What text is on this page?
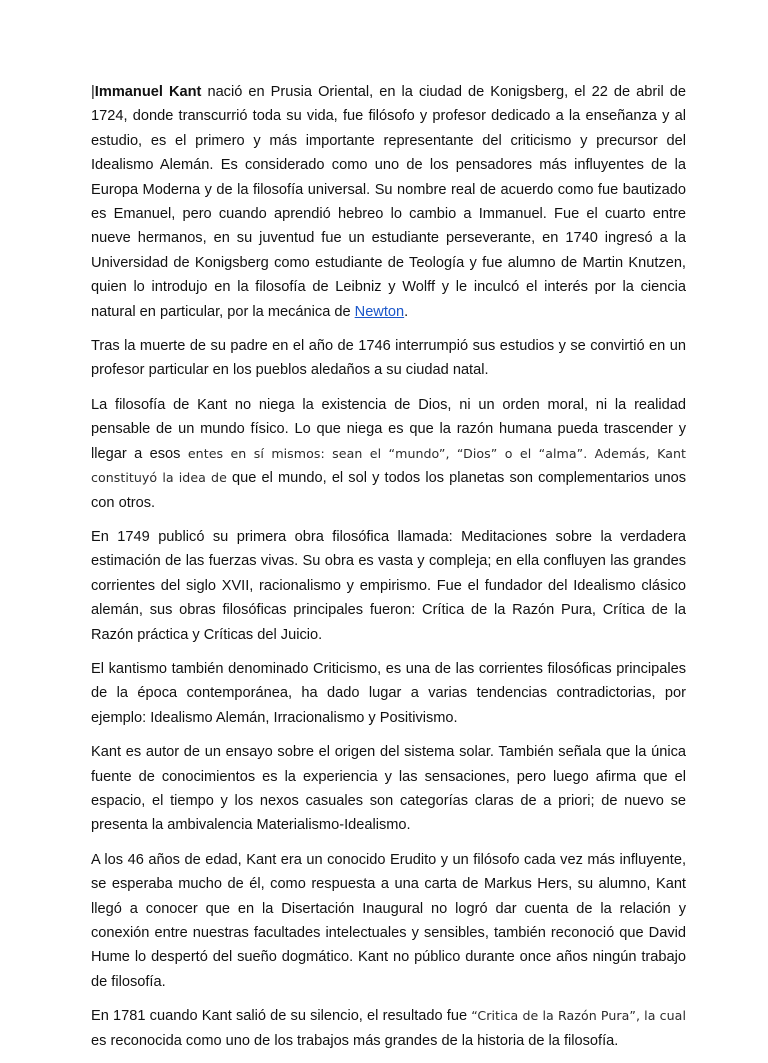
|Immanuel Kant nació en Prusia Oriental, en la ciudad de Konigsberg, el 22 de abril de 1724, donde transcurrió toda su vida, fue filósofo y profesor dedicado a la enseñanza y al estudio, es el primero y más importante representante del criticismo y precursor del Idealismo Alemán. Es considerado como uno de los pensadores más influyentes de la Europa Moderna y de la filosofía universal. Su nombre real de acuerdo como fue bautizado es Emanuel, pero cuando aprendió hebreo lo cambio a Immanuel. Fue el cuarto entre nueve hermanos, en su juventud fue un estudiante perseverante, en 1740 ingresó a la Universidad de Konigsberg como estudiante de Teología y fue alumno de Martin Knutzen, quien lo introdujo en la filosofía de Leibniz y Wolff y le inculcó el interés por la ciencia natural en particular, por la mecánica de Newton.

Tras la muerte de su padre en el año de 1746 interrumpió sus estudios y se convirtió en un profesor particular en los pueblos aledaños a su ciudad natal.

La filosofía de Kant no niega la existencia de Dios, ni un orden moral, ni la realidad pensable de un mundo físico. Lo que niega es que la razón humana pueda trascender y llegar a esos entes en sí mismos: sean el “mundo”, “Dios” o el “alma”. Además, Kant constituyó la idea de que el mundo, el sol y todos los planetas son complementarios unos con otros.

En 1749 publicó su primera obra filosófica llamada: Meditaciones sobre la verdadera estimación de las fuerzas vivas. Su obra es vasta y compleja; en ella confluyen las grandes corrientes del siglo XVII, racionalismo y empirismo. Fue el fundador del Idealismo clásico alemán, sus obras filosóficas principales fueron: Crítica de la Razón Pura, Crítica de la Razón práctica y Críticas del Juicio.

El kantismo también denominado Criticismo, es una de las corrientes filosóficas principales de la época contemporánea, ha dado lugar a varias tendencias contradictorias, por ejemplo: Idealismo Alemán, Irracionalismo y Positivismo.

Kant es autor de un ensayo sobre el origen del sistema solar. También señala que la única fuente de conocimientos es la experiencia y las sensaciones, pero luego afirma que el espacio, el tiempo y los nexos casuales son categorías claras de a priori; de nuevo se presenta la ambivalencia Materialismo-Idealismo.

A los 46 años de edad, Kant era un conocido Erudito y un filósofo cada vez más influyente, se esperaba mucho de él, como respuesta a una carta de Markus Hers, su alumno, Kant llegó a conocer que en la Disertación Inaugural no logró dar cuenta de la relación y conexión entre nuestras facultades intelectuales y sensibles, también reconoció que David Hume lo despertó del sueño dogmático. Kant no público durante once años ningún trabajo de filosofía.

En 1781 cuando Kant salió de su silencio, el resultado fue “Critica de la Razón Pura”, la cual es reconocida como uno de los trabajos más grandes de la historia de la filosofía.
